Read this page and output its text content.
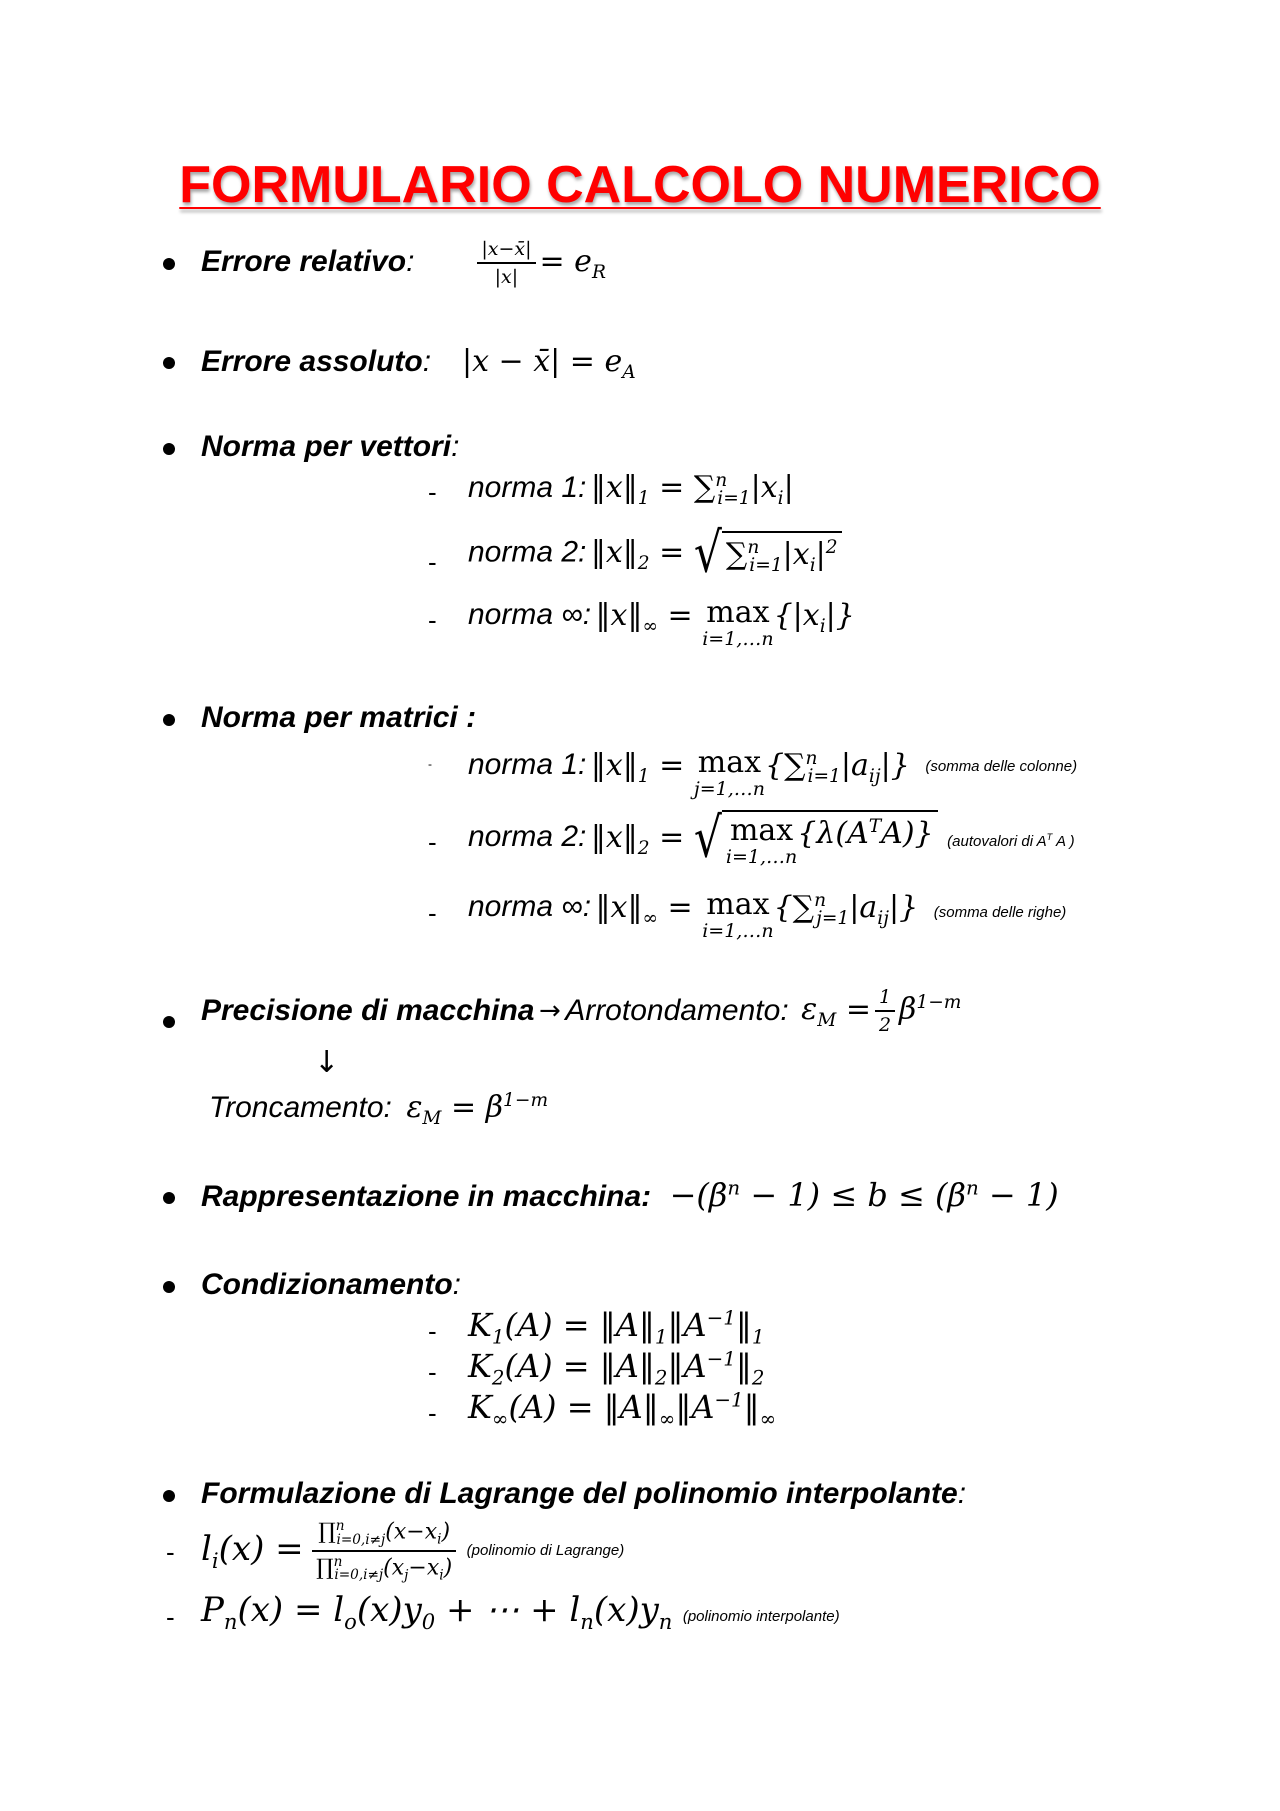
FORMULARIO CALCOLO NUMERICO
Errore relativo:	$\frac{|x-x̄|}{|x|} = e_R$
Errore assoluto: |x − x̄| = $e_A$
Norma per vettori:
- norma 1: $‖x‖_1 = \sum^n_{i=1}|x_i|$
- norma 2: $‖x‖_2$ = √ $\sum^n_{i=1}|x_i|^2$
- norma ∞: $‖x‖_\infty = \max$
i=1,…n
$\{|x_i|\}$
Norma per matrici :
- norma 1: $‖x‖_1 = \max$
j=1,…n
$\{\sum^n_{i=1}|a_{ij}|\}$ (somma delle colonne)
- norma 2: $‖x‖_2$ = √ max
i=1,…n
$\{\lambda(A^TA)\}$ (autovalori di $A^T$ A )
- norma ∞: $‖x‖_\infty = \max$
i=1,…n
$\{\sum^n_{j=1}|a_{ij}|\}$ (somma delle righe)
Precisione di macchina → Arrotondamento: $\varepsilon_M = \frac{1}{2} \beta^{1-m}$
↓
Troncamento: $\varepsilon_M = \beta^{1-m}$
Rappresentazione in macchina: $-(\beta^n - 1) \le b \le (\beta^n - 1)$
Condizionamento:
- $K_1(A)$ = $‖A‖_1‖A^{-1}‖_1$
- $K_2(A)$ = $‖A‖_2‖A^{-1}‖_2$
- $K_\infty(A)$ = $‖A‖_\infty‖A^{-1}‖_\infty$
Formulazione di Lagrange del polinomio interpolante:
- $l_i(x) = \frac{\prod^n_{i=0,i\ne j}(x-x_i)}{\prod^n_{i=0,i\ne j}(x_j-x_i)}$ (polinomio di Lagrange)
- $P_n(x) = l_o(x)y_0$ + ⋯ + $l_n(x)y_n$ (polinomio interpolante)
